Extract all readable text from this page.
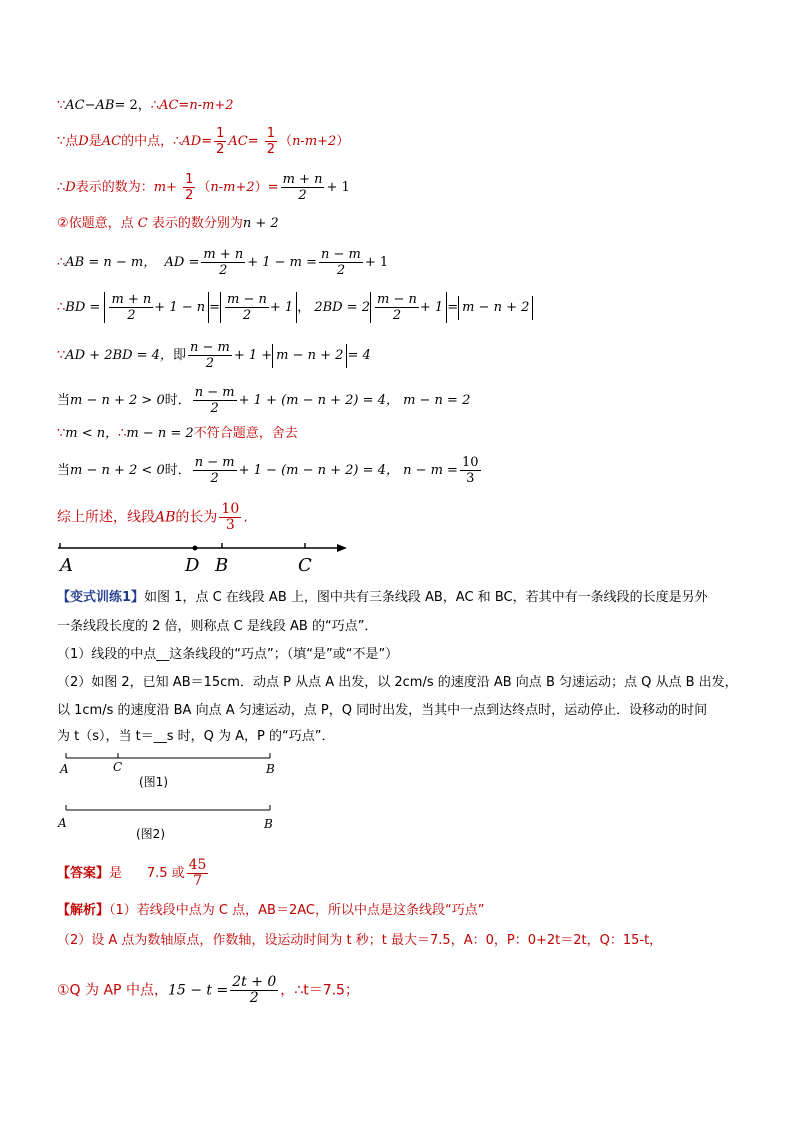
∵AC−AB= 2，∴AC=n-m+2
∵点D是AC的中点，∴AD= $\frac{1}{2} AC= \frac{1}{2} (n-m+2)$
∴D表示的数为：$m+ \frac{1}{2} (n-m+2)= \frac{m + n}{2} + 1$
②依题意，点 C 表示的数分别为n + 2
∴AB = n − m， AD = $\frac{m + n}{2} + 1 - m = \frac{n - m}{2} + 1$
∴BD = $\frac{m + n}{2} + 1 - n = \frac{m - n}{2} + 1$ ， $2BD = 2 \frac{m - n}{2} + 1 = m - n + 2$
∵AD + 2BD = 4，即 $\frac{n - m}{2} + 1 + m - n + 2 = 4$
当m − n + 2 > 0时． $\frac{n - m}{2} + 1 + (m - n + 2) = 4$， m − n = 2
∵m < n，∴m − n = 2不符合题意，舍去
当m − n + 2 < 0时． $\frac{n - m}{2} + 1 - (m - n + 2) = 4$， $n - m = \frac{10}{3}$
综上所述，线段AB的长为 $\frac{10}{3}$ .
A	D B	C
【变式训练1】如图 1，点 C 在线段 AB 上，图中共有三条线段 AB，AC 和 BC，若其中有一条线段的长度是另外
一条线段长度的 2 倍，则称点 C 是线段 AB 的“巧点”．
（1）线段的中点__这条线段的“巧点”；（填“是”或“不是”）
（2）如图 2，已知 AB＝15cm．动点 P 从点 A 出发，以 2cm/s 的速度沿 AB 向点 B 匀速运动；点 Q 从点 B 出发，
以 1cm/s 的速度沿 BA 向点 A 匀速运动，点 P，Q 同时出发，当其中一点到达终点时，运动停止．设移动的时间
为 t（s），当 t＝__s 时，Q 为 A，P 的“巧点”．
A	C	B
(图1)
A	B
(图2)
【答案】是 7.5 或 $\frac{45}{7}$
【解析】（1）若线段中点为 C 点，AB＝2AC，所以中点是这条线段“巧点”
（2）设 A 点为数轴原点，作数轴，设运动时间为 t 秒；t 最大＝7.5，A：0，P：0+2t＝2t，Q：15-t，
①Q 为 AP 中点，$15 - t = \frac{2t + 0}{2}$ ，∴t＝7.5；
